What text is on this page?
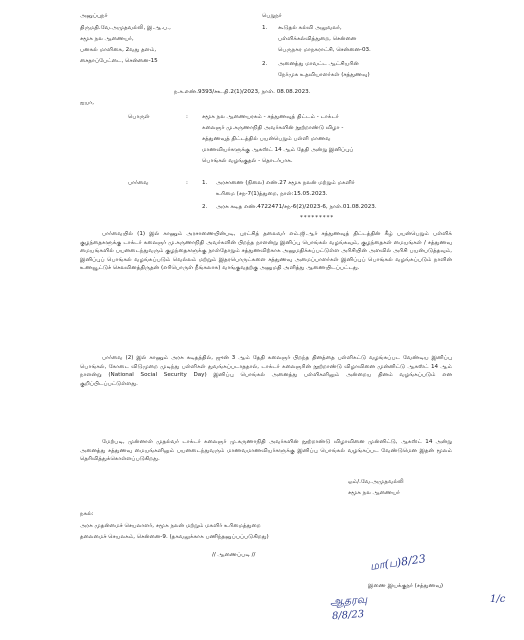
அனுப்புநர்
திருமதி.வே.அமுதவல்லி, இ.ஆ.ப.,
சமூக நல ஆணையர்,
பனகல் மாளிகை, 2வது தளம்,
சைதாப்பேட்டை, சென்னை-15
பெறுநர்
1. கூடுதல் கல்வி அலுவலர்,
பள்ளிக்கல்வித்துறை, சென்னை
பெருநகர மாநகராட்சி, சென்னை-03.
2. அனைத்து மாவட்ட ஆட்சியரின்
நேர்முக உதவியாளர்கள் (சத்துணவு)
ந.க.எண்.9393/சஉ.தி.2(1)/2023, நாள். 08.08.2023.
ஐயா,
பொருள்	:	சமூக நல ஆணையரகம் - சத்துணவுத் திட்டம் - டாக்டர்
கலைஞர் மு.கருணாநிதி அவர்களின் நூற்றாண்டு விழா -
சத்துணவுத் திட்டத்தில் பயன்பெறும் பள்ளி மாணவ
மாணவியர்களுக்கு ஆகஸ்ட் 14 ஆம் தேதி அன்று இனிப்புப்
பொங்கல் வழங்குதல் - தொடர்பாக.
பார்வை	:	1. அரசாணை (நிலை) எண்.27 சமூக நலன் மற்றும் மகளிர்
உரிமை (சந-7(1)த்துறை, நாள்:15.05.2023.
2. அரசு கடித எண்.4722471/சந-6(2)/2023-6, நாள்.01.08.2023.
*********
பார்வையில் (1) இல் காணும் அரசாணையின்படி, புரட்சித் தலைவர் எம்.ஜி.ஆர் சத்துணவுத் திட்டத்தின் கீழ் பயன்பெறும் பள்ளிக் குழந்தைகளுக்கு டாக்டர் கலைஞர் மு.கருணாநிதி அவர்களின் பிறந்த நாளன்று இனிப்பு பொங்கல் வழங்கவும், குழந்தைகள் மையங்கள் / சத்துணவு மையங்களில் பயனடைந்துவரும் குழந்தைகளுக்கு நாள்தோறும் சத்துணவிற்காக அனுமதிக்கப்பட்டுள்ள அரிசியின் அளவில் அரிசி பயன்படுத்தவும், இனிப்புப் பொங்கல் வழங்கப்படும் வெல்லம் மற்றும் இதரபொருட்களை சத்துணவு அமைப்பாளர்கள் இனிப்புப் பொங்கல் வழங்கப்படும் நாளின் உணவூட்டுச் செலவினத்திருதன் (எரிபொருள் நீங்கலாக) வாங்குவதற்கு அனுமதி அளித்து ஆணையிடப்பட்டது.
பார்வை (2) இல் காணும் அரசு கடிதத்தில், ஜுன் 3 ஆம் தேதி கலைஞர் பிறந்த தினத்தை பள்ளிகட்டு வழங்கப்பட வேண்டிய இனிப்பு பொங்கல், கோடை விடுமுறை முடிந்து பள்ளிகள் துவங்கப்படாததால், டாக்டர் கலைஞரின் நூற்றாண்டு விழாவினை முன்னிட்டு ஆகஸ்ட் 14 ஆம் நாளன்று (National Social Security Day) இனிப்பு பொங்கல் அனைத்து பள்ளிகளிலும் அன்றைய தினம் வழங்கப்படும் என குறிப்பிடப்பட்டுள்ளது.
மேற்படி, முன்னாள் முதல்வர் டாக்டர் கலைஞர் மு.கருணாநிதி அவர்களின் நூற்றாண்டு விழாவினை முன்னிட்டு, ஆகஸ்ட் 14 அன்று அனைத்து சத்துணவு மையங்களிலும் பயனடைந்துவரும் மாணவமாணவியர்களுக்கு இனிப்பு பொங்கல் வழங்கப்பட வேண்டுமென இதன் மூலம் தெரிவித்துக்கொள்ளப்படுகிறது.
ஒம்/.வே.அமுதவல்லி
சமூக நல ஆணையர்
நகல்:
அரசு முதன்மைச் செயலாளர், சமூக நலன் மற்றும் மகளிர் உரிமைத்துறை
தலைமைச் செயலகம், சென்னை-9. (தகவலுக்காக பணிந்தனுப்பப்படுகிறது)
// ஆணைப்படி //	மா(ப)8/23
இணை இயக்குநர் (சத்துணவு)
ஆதரவு
8/8/23
1/c
